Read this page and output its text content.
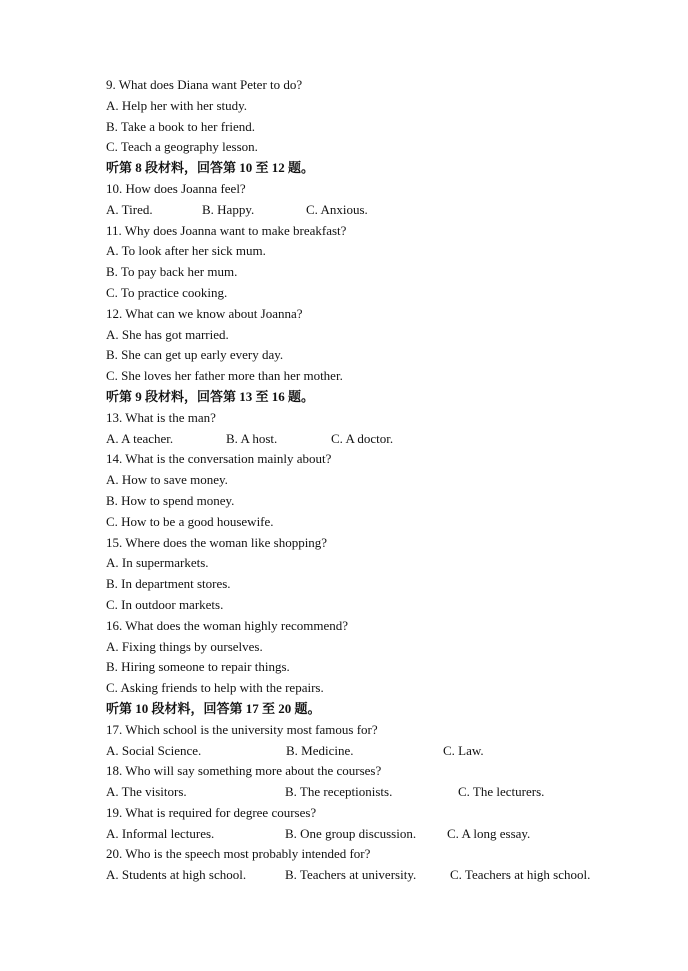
9. What does Diana want Peter to do?
A. Help her with her study.
B. Take a book to her friend.
C. Teach a geography lesson.
听第 8 段材料，回答第 10 至 12 题。
10. How does Joanna feel?
A. Tired.	B. Happy.	C. Anxious.
11. Why does Joanna want to make breakfast?
A. To look after her sick mum.
B. To pay back her mum.
C. To practice cooking.
12. What can we know about Joanna?
A. She has got married.
B. She can get up early every day.
C. She loves her father more than her mother.
听第 9 段材料，回答第 13 至 16 题。
13. What is the man?
A. A teacher.	B. A host.	C. A doctor.
14. What is the conversation mainly about?
A. How to save money.
B. How to spend money.
C. How to be a good housewife.
15. Where does the woman like shopping?
A. In supermarkets.
B. In department stores.
C. In outdoor markets.
16. What does the woman highly recommend?
A. Fixing things by ourselves.
B. Hiring someone to repair things.
C. Asking friends to help with the repairs.
听第 10 段材料，回答第 17 至 20 题。
17. Which school is the university most famous for?
A. Social Science.	B. Medicine.	C. Law.
18. Who will say something more about the courses?
A. The visitors.	B. The receptionists.	C. The lecturers.
19. What is required for degree courses?
A. Informal lectures.	B. One group discussion. C. A long essay.
20. Who is the speech most probably intended for?
A. Students at high school.	B. Teachers at university.	C. Teachers at high school.
